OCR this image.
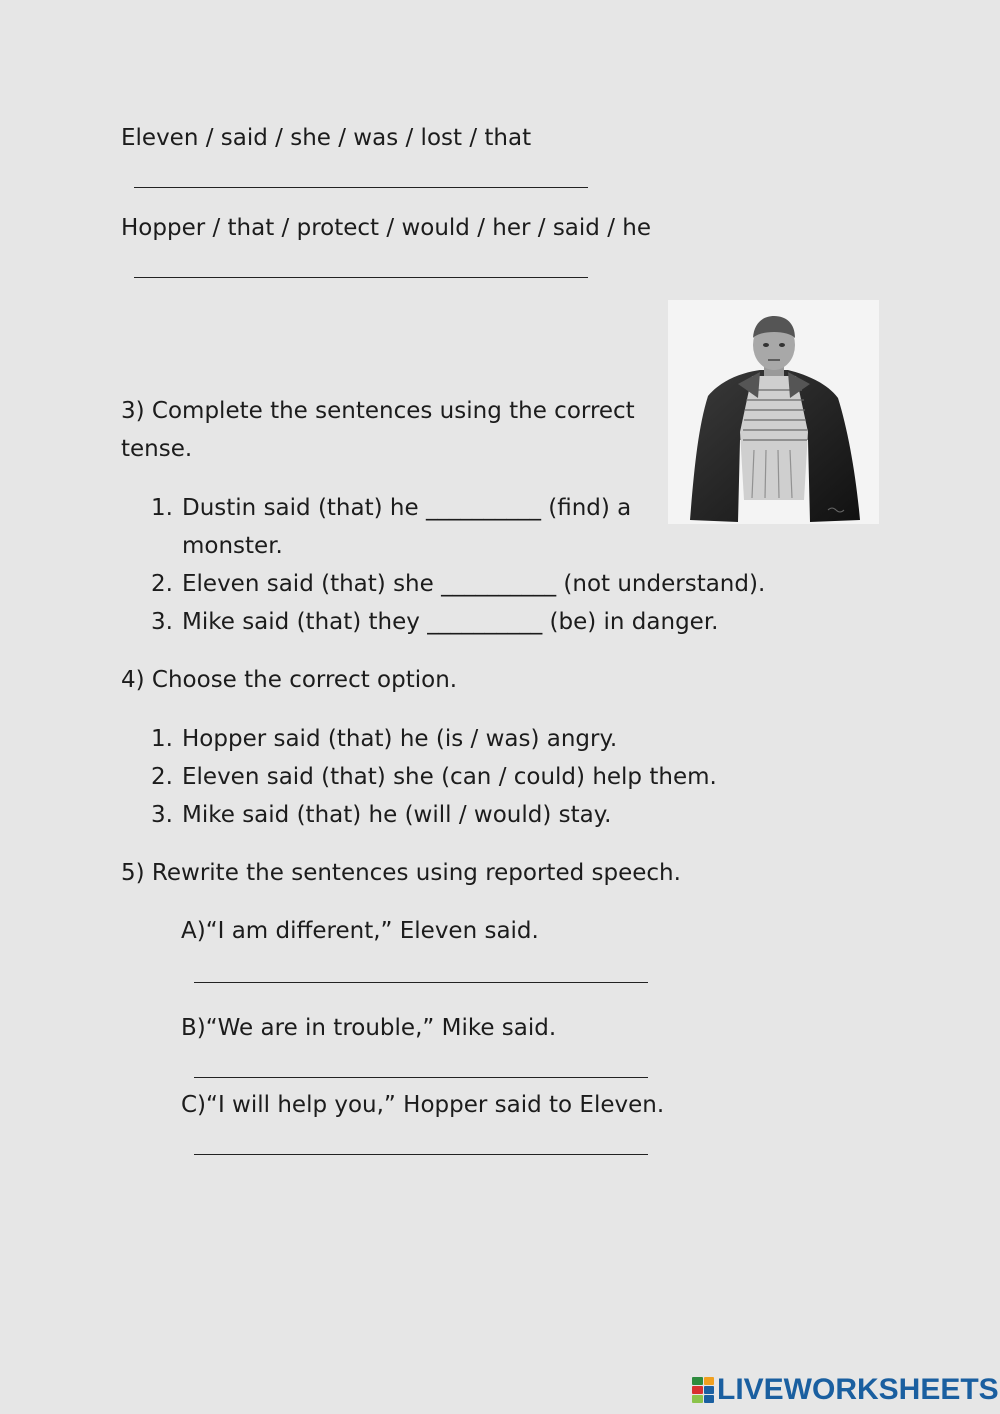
Eleven / said / she / was / lost / that
Hopper / that / protect / would / her / said / he
3) Complete the sentences using the correct
tense.
1. Dustin said (that) he __________ (find) a
monster.
2. Eleven said (that) she __________ (not understand).
3. Mike said (that) they __________ (be) in danger.
4) Choose the correct option.
1. Hopper said (that) he (is / was) angry.
2. Eleven said (that) she (can / could) help them.
3. Mike said (that) he (will / would) stay.
5) Rewrite the sentences using reported speech.
A)“I am different,” Eleven said.
B)“We are in trouble,” Mike said.
C)“I will help you,” Hopper said to Eleven.
LIVEWORKSHEETS
